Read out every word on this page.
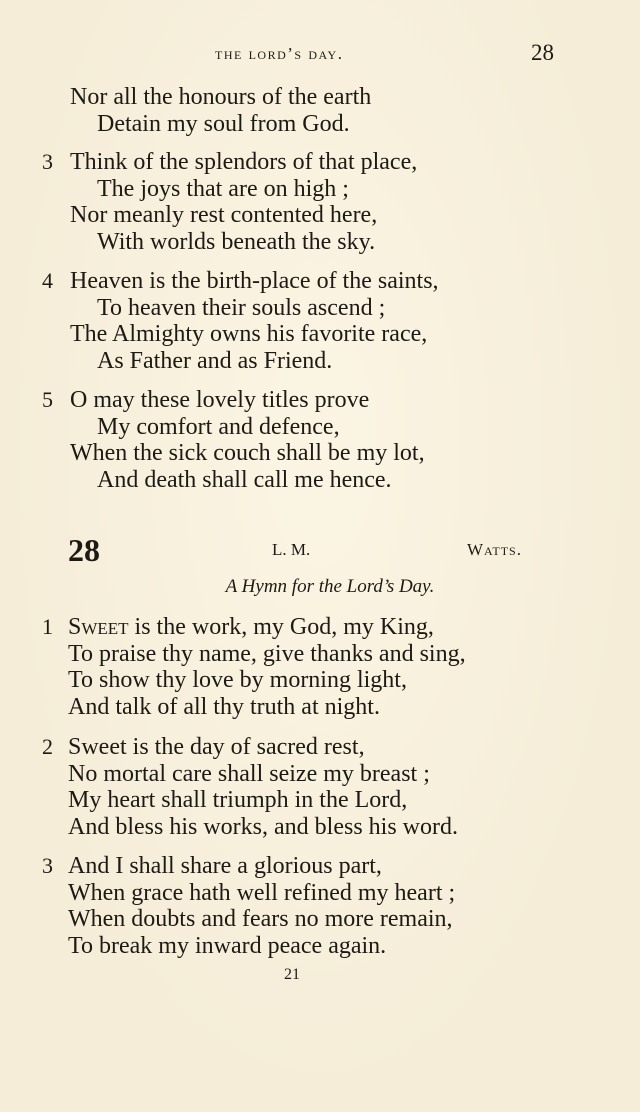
the lord’s day.	28
Nor all the honours of the earth
Detain my soul from God.
3 Think of the splendors of that place,
The joys that are on high ;
Nor meanly rest contented here,
With worlds beneath the sky.
4 Heaven is the birth-place of the saints,
To heaven their souls ascend ;
The Almighty owns his favorite race,
As Father and as Friend.
5 O may these lovely titles prove
My comfort and defence,
When the sick couch shall be my lot,
And death shall call me hence.
28	L. M.	Watts.
A Hymn for the Lord’s Day.
1 Sweet is the work, my God, my King,
To praise thy name, give thanks and sing,
To show thy love by morning light,
And talk of all thy truth at night.
2 Sweet is the day of sacred rest,
No mortal care shall seize my breast ;
My heart shall triumph in the Lord,
And bless his works, and bless his word.
3 And I shall share a glorious part,
When grace hath well refined my heart ;
When doubts and fears no more remain,
To break my inward peace again.
21
